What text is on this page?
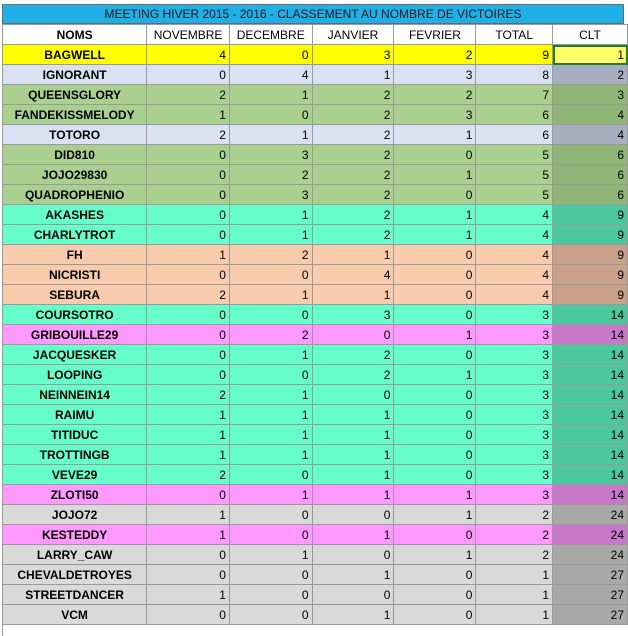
MEETING HIVER 2015 - 2016 - CLASSEMENT AU NOMBRE DE VICTOIRES
NOMS	NOVEMBRE	DECEMBRE	JANVIER	FEVRIER	TOTAL	CLT
BAGWELL	4	0	3	2	9	1
IGNORANT	0	4	1	3	8	2
QUEENSGLORY	2	1	2	2	7	3
FANDEKISSMELODY	1	0	2	3	6	4
TOTORO	2	1	2	1	6	4
DID810	0	3	2	0	5	6
JOJO29830	0	2	2	1	5	6
QUADROPHENIO	0	3	2	0	5	6
AKASHES	0	1	2	1	4	9
CHARLYTROT	0	1	2	1	4	9
FH	1	2	1	0	4	9
NICRISTI	0	0	4	0	4	9
SEBURA	2	1	1	0	4	9
COURSOTRO	0	0	3	0	3	14
GRIBOUILLE29	0	2	0	1	3	14
JACQUESKER	0	1	2	0	3	14
LOOPING	0	0	2	1	3	14
NEINNEIN14	2	1	0	0	3	14
RAIMU	1	1	1	0	3	14
TITIDUC	1	1	1	0	3	14
TROTTINGB	1	1	1	0	3	14
VEVE29	2	0	1	0	3	14
ZLOTI50	0	1	1	1	3	14
JOJO72	1	0	0	1	2	24
KESTEDDY	1	0	1	0	2	24
LARRY_CAW	0	1	0	1	2	24
CHEVALDETROYES	0	0	1	0	1	27
STREETDANCER	1	0	0	0	1	27
VCM	0	0	1	0	1	27
